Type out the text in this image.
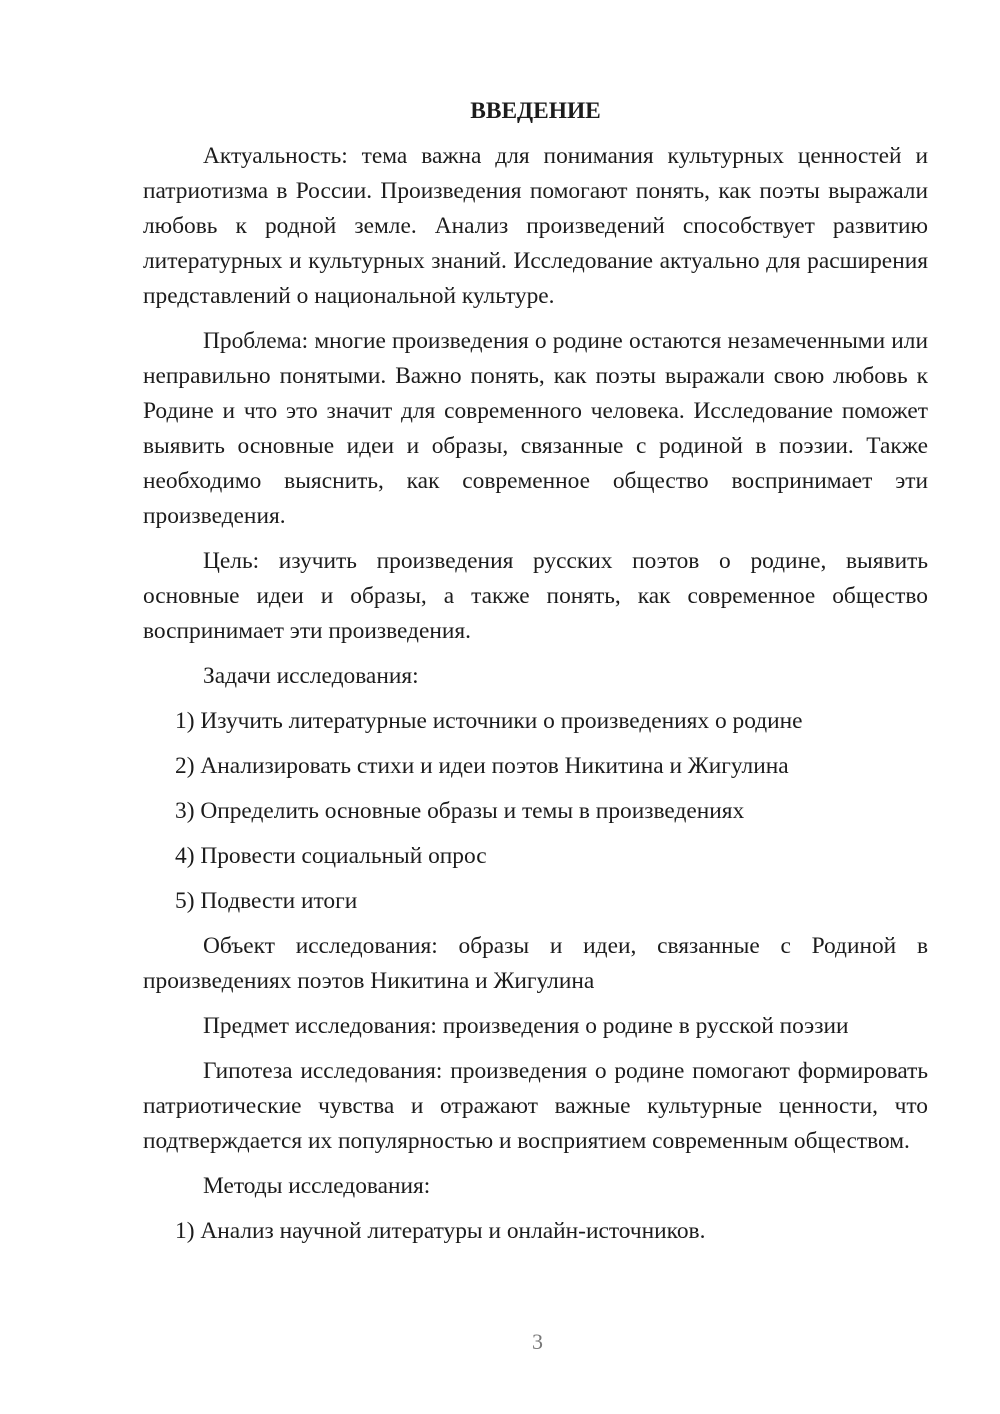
ВВЕДЕНИЕ

Актуальность: тема важна для понимания культурных ценностей и патриотизма в России. Произведения помогают понять, как поэты выражали любовь к родной земле. Анализ произведений способствует развитию литературных и культурных знаний. Исследование актуально для расширения представлений о национальной культуре.

Проблема: многие произведения о родине остаются незамеченными или неправильно понятыми. Важно понять, как поэты выражали свою любовь к Родине и что это значит для современного человека. Исследование поможет выявить основные идеи и образы, связанные с родиной в поэзии. Также необходимо выяснить, как современное общество воспринимает эти произведения.

Цель: изучить произведения русских поэтов о родине, выявить основные идеи и образы, а также понять, как современное общество воспринимает эти произведения.

Задачи исследования:

1) Изучить литературные источники о произведениях о родине
2) Анализировать стихи и идеи поэтов Никитина и Жигулина
3) Определить основные образы и темы в произведениях
4) Провести социальный опрос
5) Подвести итоги

Объект исследования: образы и идеи, связанные с Родиной в произведениях поэтов Никитина и Жигулина

Предмет исследования: произведения о родине в русской поэзии

Гипотеза исследования: произведения о родине помогают формировать патриотические чувства и отражают важные культурные ценности, что подтверждается их популярностью и восприятием современным обществом.

Методы исследования:

1) Анализ научной литературы и онлайн-источников.
3
